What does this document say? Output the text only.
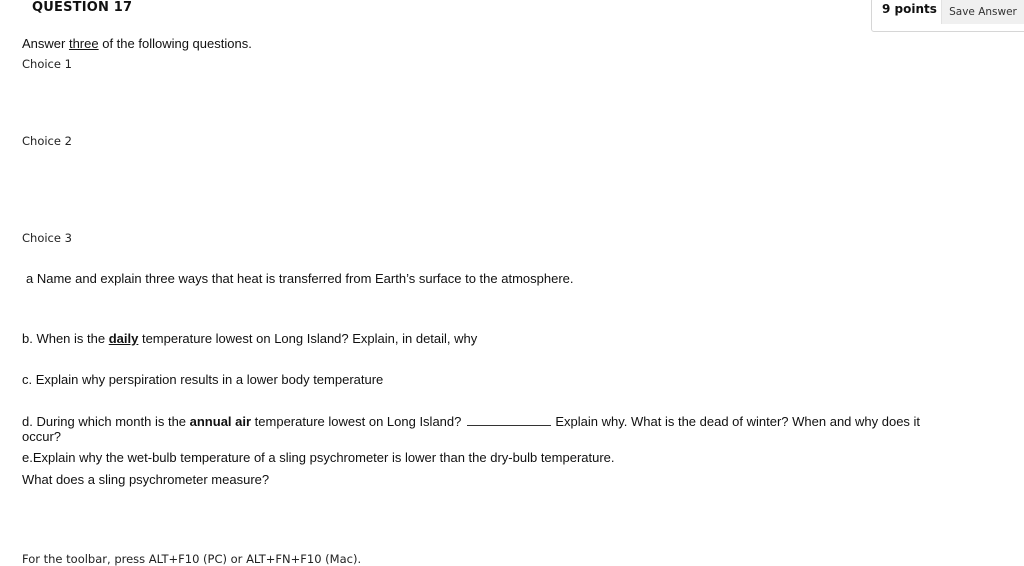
QUESTION 17	9 points	Save Answer
Answer three of the following questions.
Choice 1
Choice 2
Choice 3
a Name and explain three ways that heat is transferred from Earth’s surface to the atmosphere.
b. When is the daily temperature lowest on Long Island? Explain, in detail, why
c. Explain why perspiration results in a lower body temperature
d. During which month is the annual air temperature lowest on Long Island?	Explain why. What is the dead of winter? When and why does it
occur?
e.Explain why the wet-bulb temperature of a sling psychrometer is lower than the dry-bulb temperature.
What does a sling psychrometer measure?
For the toolbar, press ALT+F10 (PC) or ALT+FN+F10 (Mac).
